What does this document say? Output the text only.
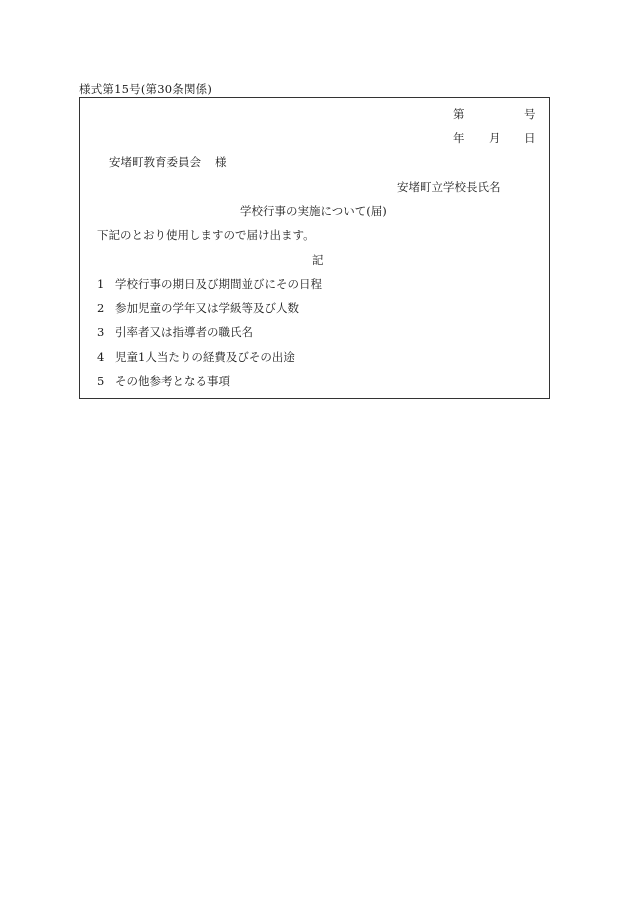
様式第15号(第30条関係)
第	号
年 月 日
安堵町教育委員会 様
安堵町立学校長氏名
学校行事の実施について(届)
下記のとおり使用しますので届け出ます。
記
1 学校行事の期日及び期間並びにその日程
2 参加児童の学年又は学級等及び人数
3 引率者又は指導者の職氏名
4 児童1人当たりの経費及びその出途
5 その他参考となる事項
